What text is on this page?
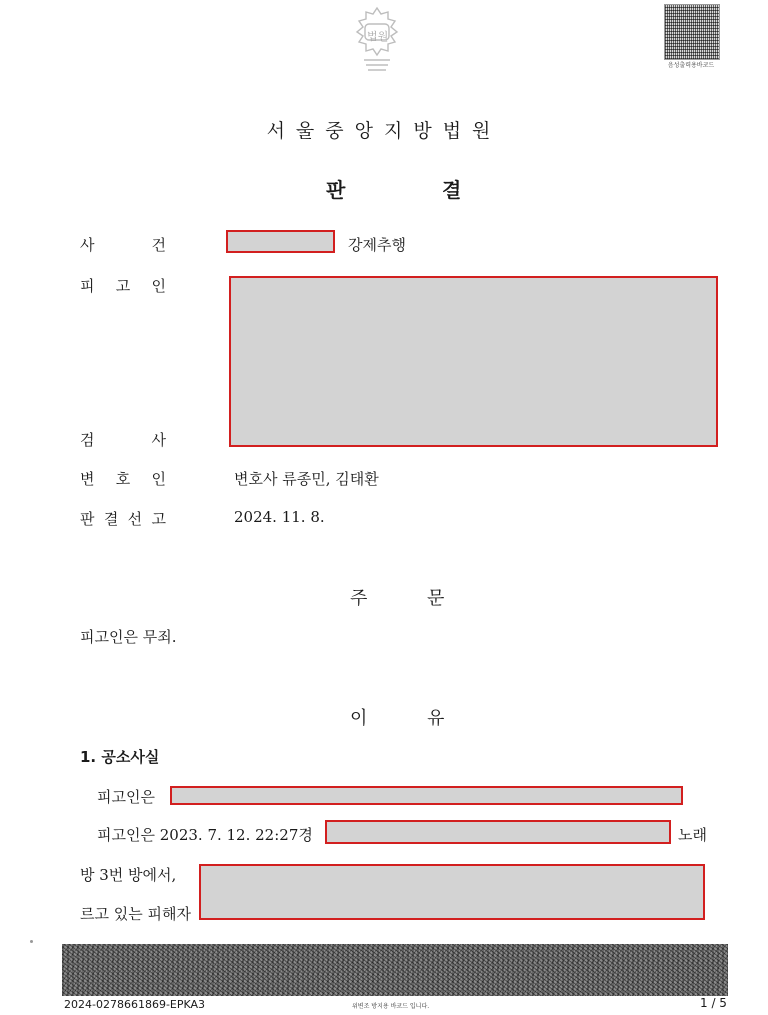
법원
음성출력용바코드
서울중앙지방법원
판	결
사	건	강제추행
피 고 인
검	사
변 호 인	변호사 류종민, 김태환
판 결 선 고	2024. 11. 8.
주	문
피고인은 무죄.
이	유
1. 공소사실
피고인은
피고인은 2023. 7. 12. 22:27경	노래
방 3번 방에서,
르고 있는 피해자
2024-0278661869-EPKA3	위변조 방지용 바코드 입니다.	1 / 5
